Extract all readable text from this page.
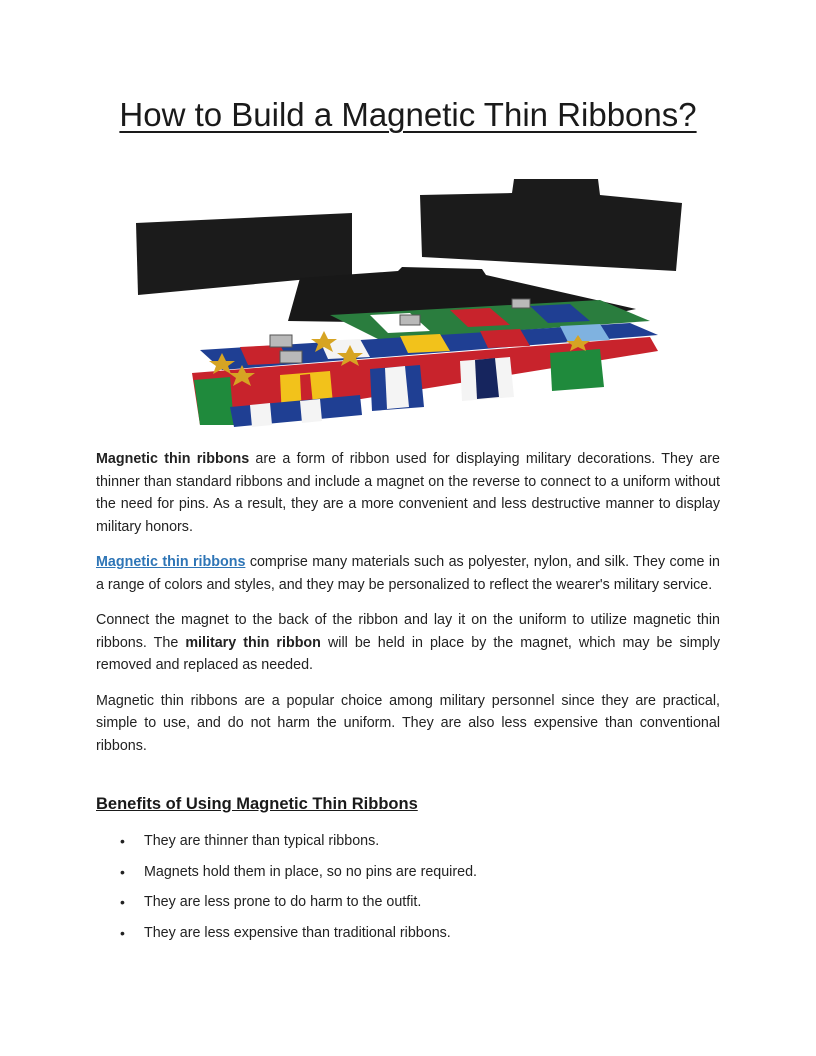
How to Build a Magnetic Thin Ribbons?

Magnetic thin ribbons are a form of ribbon used for displaying military decorations. They are thinner than standard ribbons and include a magnet on the reverse to connect to a uniform without the need for pins. As a result, they are a more convenient and less destructive manner to display military honors.

Magnetic thin ribbons comprise many materials such as polyester, nylon, and silk. They come in a range of colors and styles, and they may be personalized to reflect the wearer's military service.

Connect the magnet to the back of the ribbon and lay it on the uniform to utilize magnetic thin ribbons. The military thin ribbon will be held in place by the magnet, which may be simply removed and replaced as needed.

Magnetic thin ribbons are a popular choice among military personnel since they are practical, simple to use, and do not harm the uniform. They are also less expensive than conventional ribbons.

Benefits of Using Magnetic Thin Ribbons
• They are thinner than typical ribbons.
• Magnets hold them in place, so no pins are required.
• They are less prone to do harm to the outfit.
• They are less expensive than traditional ribbons.
